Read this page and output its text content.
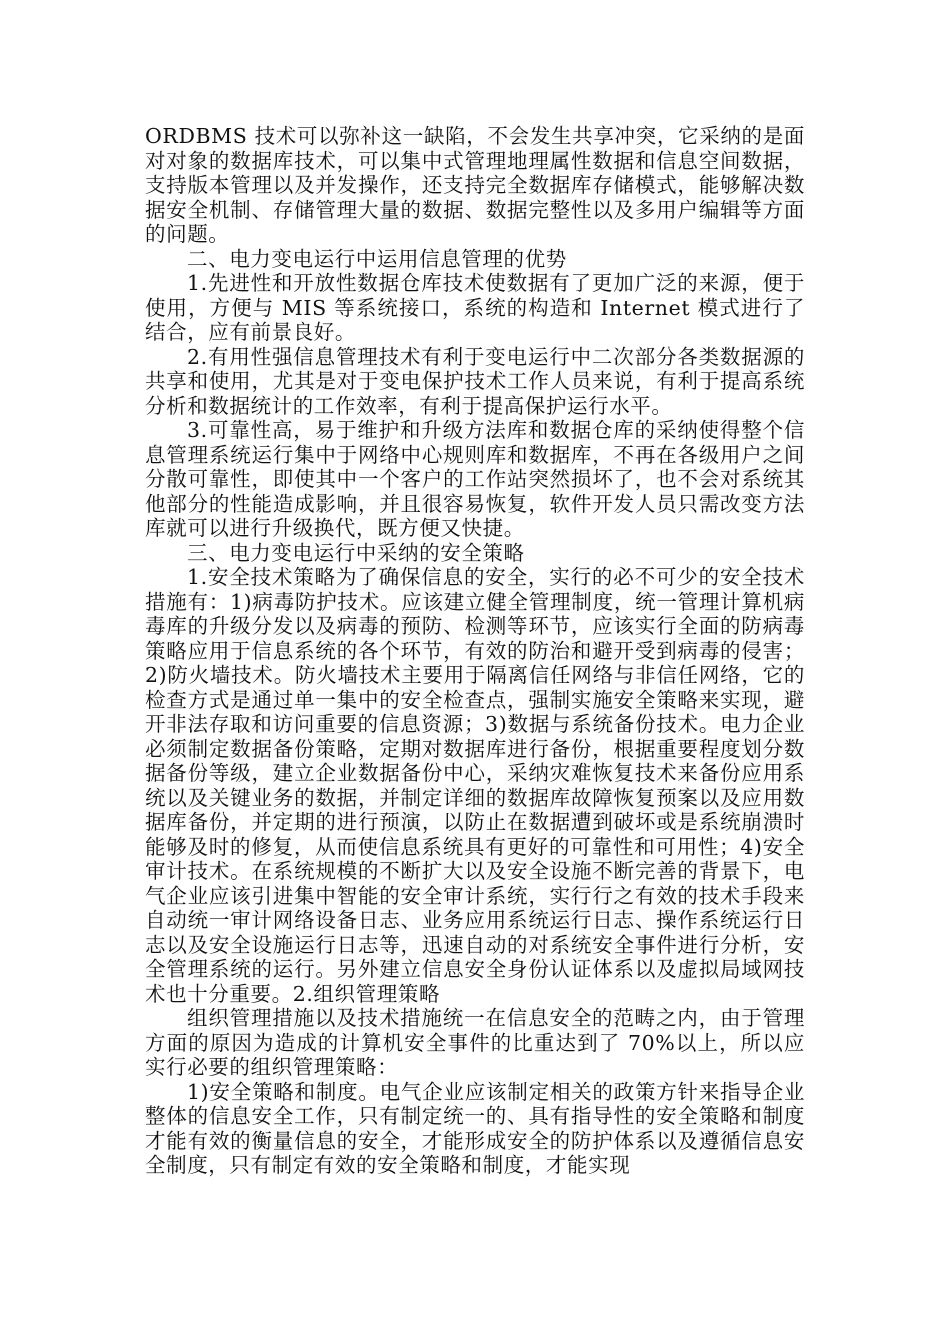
ORDBMS 技术可以弥补这一缺陷，不会发生共享冲突，它采纳的是面对对象的数据库技术，可以集中式管理地理属性数据和信息空间数据，支持版本管理以及并发操作，还支持完全数据库存储模式，能够解决数据安全机制、存储管理大量的数据、数据完整性以及多用户编辑等方面的问题。

二、电力变电运行中运用信息管理的优势

1.先进性和开放性数据仓库技术使数据有了更加广泛的来源，便于使用，方便与 MIS 等系统接口，系统的构造和 Internet 模式进行了结合，应有前景良好。

2.有用性强信息管理技术有利于变电运行中二次部分各类数据源的共享和使用，尤其是对于变电保护技术工作人员来说，有利于提高系统分析和数据统计的工作效率，有利于提高保护运行水平。

3.可靠性高，易于维护和升级方法库和数据仓库的采纳使得整个信息管理系统运行集中于网络中心规则库和数据库，不再在各级用户之间分散可靠性，即使其中一个客户的工作站突然损坏了，也不会对系统其他部分的性能造成影响，并且很容易恢复，软件开发人员只需改变方法库就可以进行升级换代，既方便又快捷。

三、电力变电运行中采纳的安全策略

1.安全技术策略为了确保信息的安全，实行的必不可少的安全技术措施有：1)病毒防护技术。应该建立健全管理制度，统一管理计算机病毒库的升级分发以及病毒的预防、检测等环节，应该实行全面的防病毒策略应用于信息系统的各个环节，有效的防治和避开受到病毒的侵害；2)防火墙技术。防火墙技术主要用于隔离信任网络与非信任网络，它的检查方式是通过单一集中的安全检查点，强制实施安全策略来实现，避开非法存取和访问重要的信息资源；3)数据与系统备份技术。电力企业必须制定数据备份策略，定期对数据库进行备份，根据重要程度划分数据备份等级，建立企业数据备份中心，采纳灾难恢复技术来备份应用系统以及关键业务的数据，并制定详细的数据库故障恢复预案以及应用数据库备份，并定期的进行预演，以防止在数据遭到破坏或是系统崩溃时能够及时的修复，从而使信息系统具有更好的可靠性和可用性；4)安全审计技术。在系统规模的不断扩大以及安全设施不断完善的背景下，电气企业应该引进集中智能的安全审计系统，实行行之有效的技术手段来自动统一审计网络设备日志、业务应用系统运行日志、操作系统运行日志以及安全设施运行日志等，迅速自动的对系统安全事件进行分析，安全管理系统的运行。另外建立信息安全身份认证体系以及虚拟局域网技术也十分重要。2.组织管理策略

组织管理措施以及技术措施统一在信息安全的范畴之内，由于管理方面的原因为造成的计算机安全事件的比重达到了 70%以上，所以应实行必要的组织管理策略：

1)安全策略和制度。电气企业应该制定相关的政策方针来指导企业整体的信息安全工作，只有制定统一的、具有指导性的安全策略和制度才能有效的衡量信息的安全，才能形成安全的防护体系以及遵循信息安全制度，只有制定有效的安全策略和制度，才能实现
